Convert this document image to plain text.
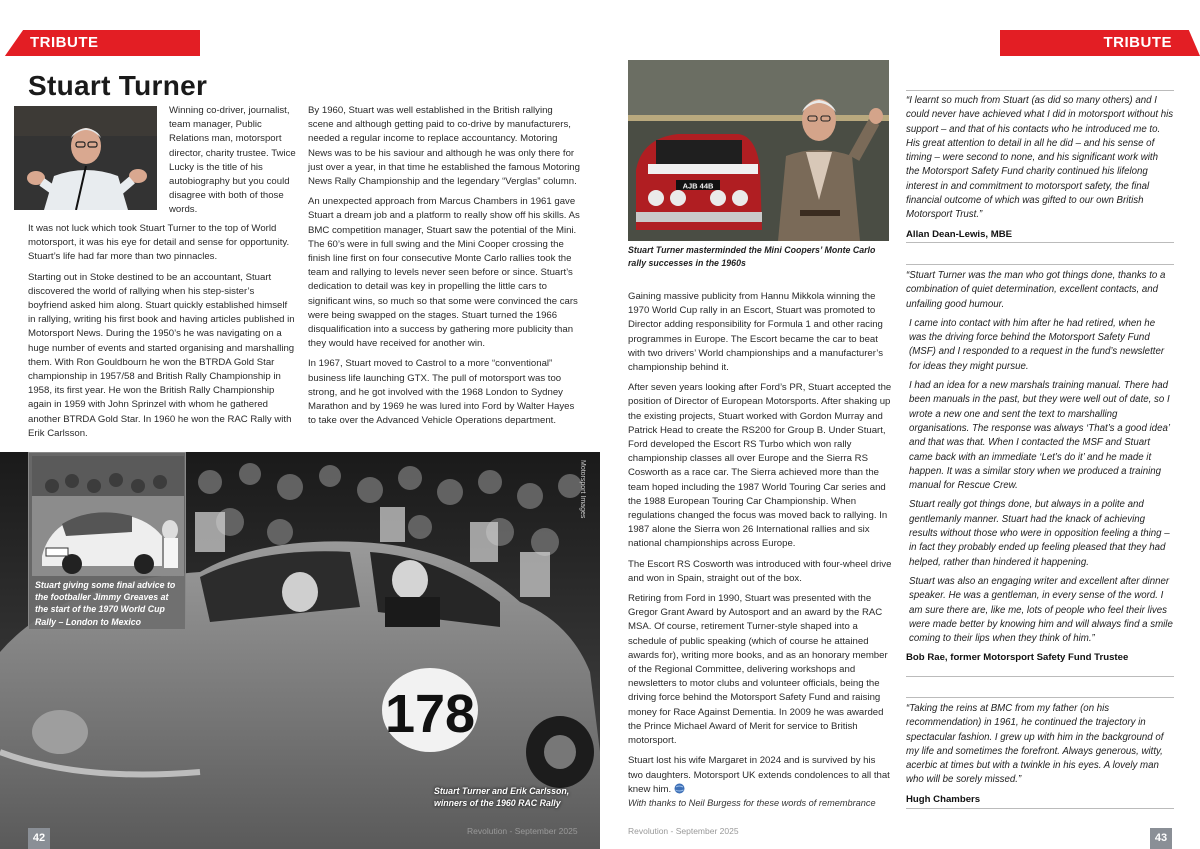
TRIBUTE
Stuart Turner

Winning co-driver, journalist, team manager, Public Relations man, motorsport director, charity trustee. Twice Lucky is the title of his autobiography but you could disagree with both of those words.

It was not luck which took Stuart Turner to the top of World motorsport, it was his eye for detail and sense for opportunity. Stuart’s life had far more than two pinnacles.

Starting out in Stoke destined to be an accountant, Stuart discovered the world of rallying when his step-sister’s boyfriend asked him along. Stuart quickly established himself in rallying, writing his first book and having articles published in Motorsport News. During the 1950’s he was navigating on a huge number of events and started organising and marshalling them. With Ron Gouldbourn he won the BTRDA Gold Star championship in 1957/58 and British Rally Championship in 1958, its first year. He won the British Rally Championship again in 1959 with John Sprinzel with whom he gathered another BTRDA Gold Star. In 1960 he won the RAC Rally with Erik Carlsson.

By 1960, Stuart was well established in the British rallying scene and although getting paid to co-drive by manufacturers, needed a regular income to replace accountancy. Motoring News was to be his saviour and although he was only there for just over a year, in that time he established the famous Motoring News Rally Championship and the legendary “Verglas” column.

An unexpected approach from Marcus Chambers in 1961 gave Stuart a dream job and a platform to really show off his skills. As BMC competition manager, Stuart saw the potential of the Mini. The 60’s were in full swing and the Mini Cooper crossing the finish line first on four consecutive Monte Carlo rallies took the team and rallying to levels never seen before or since. Stuart’s dedication to detail was key in propelling the little cars to significant wins, so much so that some were convinced the cars were being swapped on the stages. Stuart turned the 1966 disqualification into a success by gathering more publicity than they would have received for another win.

In 1967, Stuart moved to Castrol to a more “conventional” business life launching GTX. The pull of motorsport was too strong, and he got involved with the 1968 London to Sydney Marathon and by 1969 he was lured into Ford by Walter Hayes to take over the Advanced Vehicle Operations department.

178
Motorsport Images
Stuart giving some final advice to the footballer Jimmy Greaves at the start of the 1970 World Cup Rally – London to Mexico
Stuart Turner and Erik Carlsson, winners of the 1960 RAC Rally
42
Revolution - September 2025
TRIBUTE
AJB 44B
Stuart Turner masterminded the Mini Coopers’ Monte Carlo rally successes in the 1960s

Gaining massive publicity from Hannu Mikkola winning the 1970 World Cup rally in an Escort, Stuart was promoted to Director adding responsibility for Formula 1 and other racing programmes in Europe. The Escort became the car to beat with two drivers’ World championships and a manufacturer’s championship behind it.

After seven years looking after Ford’s PR, Stuart accepted the position of Director of European Motorsports. After shaking up the existing projects, Stuart worked with Gordon Murray and Patrick Head to create the RS200 for Group B. Under Stuart, Ford developed the Escort RS Turbo which won rally championship classes all over Europe and the Sierra RS Cosworth as a race car. The Sierra achieved more than the team hoped including the 1987 World Touring Car series and the 1988 European Touring Car Championship. When regulations changed the focus was moved back to rallying. In 1987 alone the Sierra won 26 International rallies and six national championships across Europe.

The Escort RS Cosworth was introduced with four-wheel drive and won in Spain, straight out of the box.

Retiring from Ford in 1990, Stuart was presented with the Gregor Grant Award by Autosport and an award by the RAC MSA. Of course, retirement Turner-style shaped into a schedule of public speaking (which of course he attained awards for), writing more books, and as an honorary member of the Regional Committee, delivering workshops and newsletters to motor clubs and volunteer officials, being the driving force behind the Motorsport Safety Fund and raising money for Race Against Dementia. In 2009 he was awarded the Prince Michael Award of Merit for service to British motorsport.

Stuart lost his wife Margaret in 2024 and is survived by his two daughters. Motorsport UK extends condolences to all that knew him.

With thanks to Neil Burgess for these words of remembrance

“I learnt so much from Stuart (as did so many others) and I could never have achieved what I did in motorsport without his support – and that of his contacts who he introduced me to. His great attention to detail in all he did – and his sense of timing – were second to none, and his significant work with the Motorsport Safety Fund charity continued his lifelong interest in and commitment to motorsport safety, the final financial outcome of which was gifted to our own British Motorsport Trust.”

Allan Dean-Lewis, MBE

“Stuart Turner was the man who got things done, thanks to a combination of quiet determination, excellent contacts, and unfailing good humour.

I came into contact with him after he had retired, when he was the driving force behind the Motorsport Safety Fund (MSF) and I responded to a request in the fund’s newsletter for ideas they might pursue.

I had an idea for a new marshals training manual. There had been manuals in the past, but they were well out of date, so I wrote a new one and sent the text to marshalling organisations. The response was always ‘That’s a good idea’ and that was that. When I contacted the MSF and Stuart came back with an immediate ‘Let’s do it’ and he made it happen. It was a similar story when we produced a training manual for Rescue Crew.

Stuart really got things done, but always in a polite and gentlemanly manner. Stuart had the knack of achieving results without those who were in opposition feeling a thing – in fact they probably ended up feeling pleased that they had helped, rather than hindered it happening.

Stuart was also an engaging writer and excellent after dinner speaker. He was a gentleman, in every sense of the word. I am sure there are, like me, lots of people who feel their lives were made better by knowing him and will always find a smile coming to their lips when they think of him.”

Bob Rae, former Motorsport Safety Fund Trustee

“Taking the reins at BMC from my father (on his recommendation) in 1961, he continued the trajectory in spectacular fashion. I grew up with him in the background of my life and sometimes the forefront. Always generous, witty, acerbic at times but with a twinkle in his eyes. A lovely man who will be sorely missed.”

Hugh Chambers
Revolution - September 2025
43
